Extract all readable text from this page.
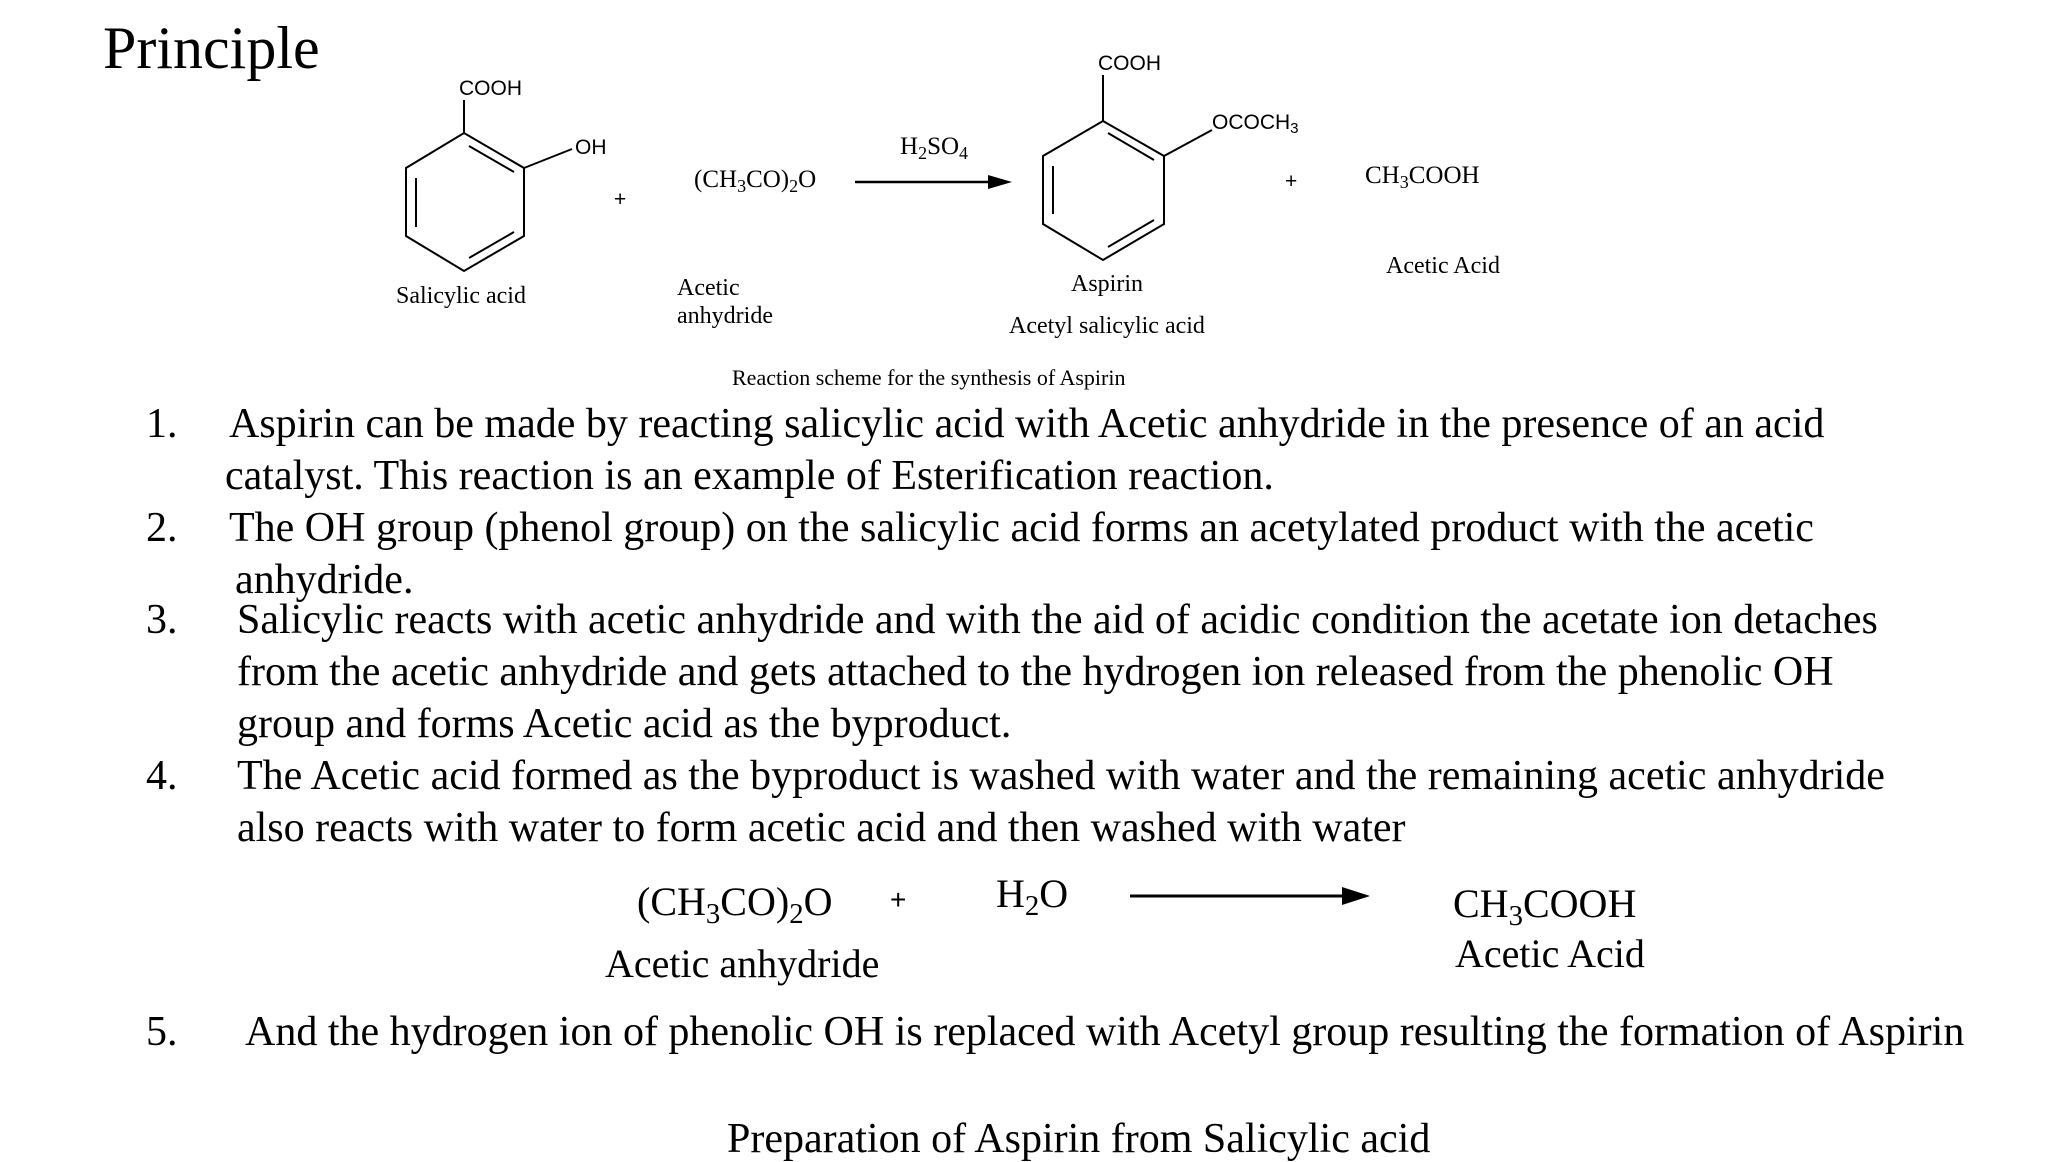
Principle
COOH
OH
Salicylic acid
+
$(CH_3CO)_2O$
Acetic
anhydride
$H_2SO_4$
COOH
$OCOCH_3$
Aspirin
Acetyl salicylic acid
+	$CH_3COOH$
Acetic Acid
Reaction scheme for the synthesis of Aspirin
1. Aspirin can be made by reacting salicylic acid with Acetic anhydride in the presence of an acid
catalyst. This reaction is an example of Esterification reaction.
2. The OH group (phenol group) on the salicylic acid forms an acetylated product with the acetic
anhydride.
3. Salicylic reacts with acetic anhydride and with the aid of acidic condition the acetate ion detaches
from the acetic anhydride and gets attached to the hydrogen ion released from the phenolic OH
group and forms Acetic acid as the byproduct.
4. The Acetic acid formed as the byproduct is washed with water and the remaining acetic anhydride
also reacts with water to form acetic acid and then washed with water
5. And the hydrogen ion of phenolic OH is replaced with Acetyl group resulting the formation of Aspirin
$(CH_3CO)_2O$
Acetic anhydride
+ $H_2O$	$CH_3COOH$
Acetic Acid
Preparation of Aspirin from Salicylic acid
